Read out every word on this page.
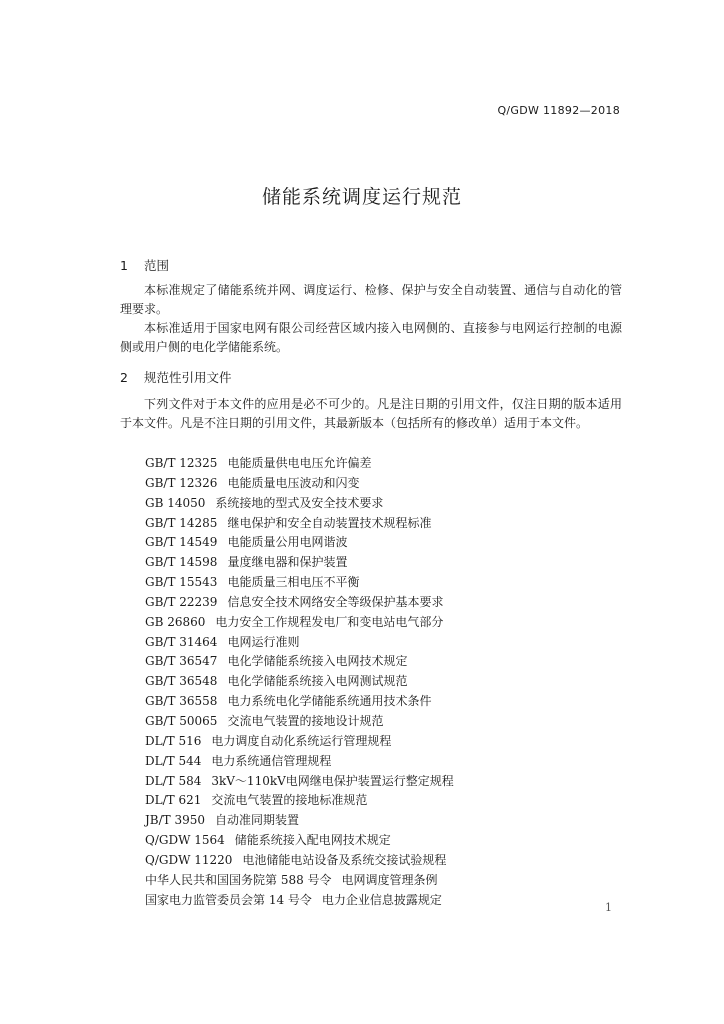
Q/GDW 11892—2018
储能系统调度运行规范
1 范围
本标准规定了储能系统并网、调度运行、检修、保护与安全自动装置、通信与自动化的管理要求。
本标准适用于国家电网有限公司经营区域内接入电网侧的、直接参与电网运行控制的电源侧或用户侧的电化学储能系统。
2 规范性引用文件
下列文件对于本文件的应用是必不可少的。凡是注日期的引用文件，仅注日期的版本适用于本文件。凡是不注日期的引用文件，其最新版本（包括所有的修改单）适用于本文件。
GB/T 12325 电能质量供电电压允许偏差
GB/T 12326 电能质量电压波动和闪变
GB 14050 系统接地的型式及安全技术要求
GB/T 14285 继电保护和安全自动装置技术规程标准
GB/T 14549 电能质量公用电网谐波
GB/T 14598 量度继电器和保护装置
GB/T 15543 电能质量三相电压不平衡
GB/T 22239 信息安全技术网络安全等级保护基本要求
GB 26860 电力安全工作规程发电厂和变电站电气部分
GB/T 31464 电网运行准则
GB/T 36547 电化学储能系统接入电网技术规定
GB/T 36548 电化学储能系统接入电网测试规范
GB/T 36558 电力系统电化学储能系统通用技术条件
GB/T 50065 交流电气装置的接地设计规范
DL/T 516 电力调度自动化系统运行管理规程
DL/T 544 电力系统通信管理规程
DL/T 584 3kV～110kV电网继电保护装置运行整定规程
DL/T 621 交流电气装置的接地标准规范
JB/T 3950 自动准同期装置
Q/GDW 1564 储能系统接入配电网技术规定
Q/GDW 11220 电池储能电站设备及系统交接试验规程
中华人民共和国国务院第 588 号令 电网调度管理条例
国家电力监管委员会第 14 号令 电力企业信息披露规定
1
